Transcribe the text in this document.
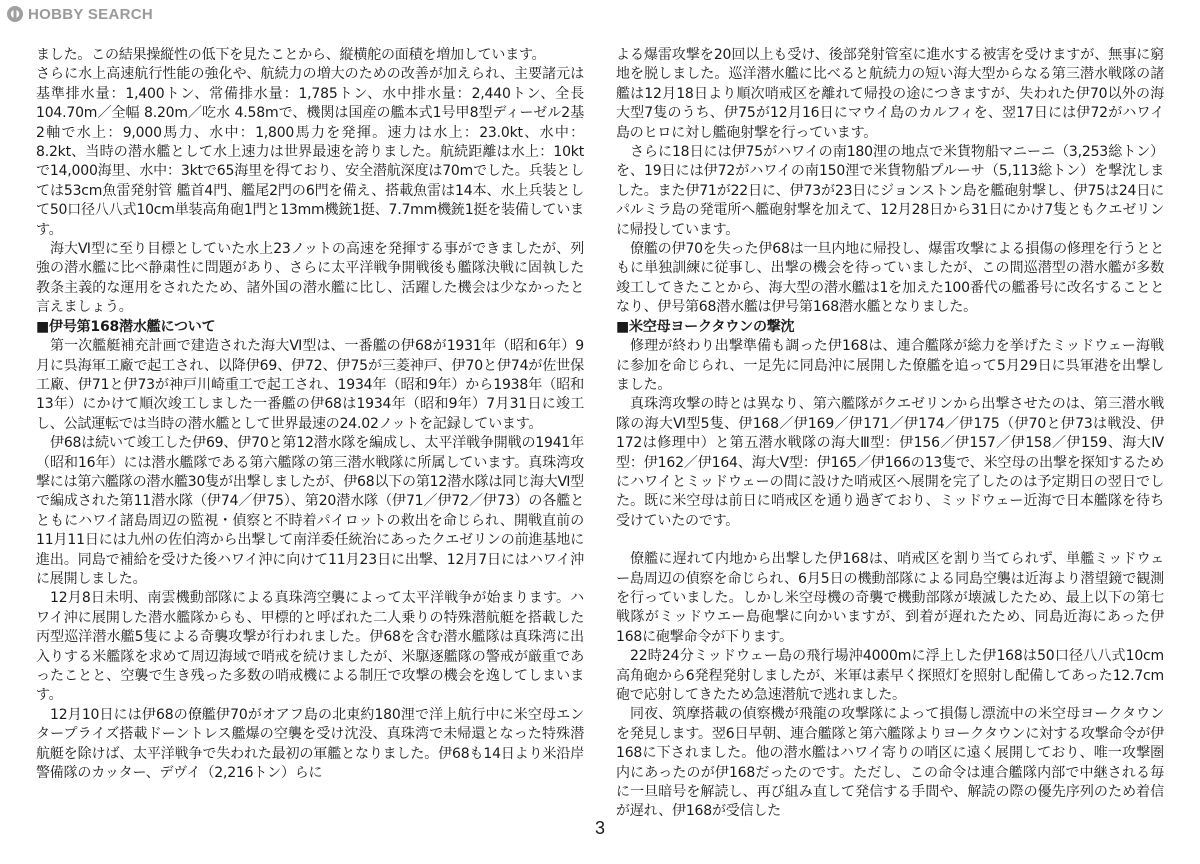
HOBBY SEARCH

ました。この結果操縦性の低下を見たことから、縦横舵の面積を増加しています。

さらに水上高速航行性能の強化や、航続力の増大のための改善が加えられ、主要諸元は基準排水量：1,400トン、常備排水量：1,785トン、水中排水量：2,440トン、全長 104.70m／全幅 8.20m／吃水 4.58mで、機関は国産の艦本式1号甲8型ディーゼル2基2軸で水上：9,000馬力、水中：1,800馬力を発揮。速力は水上：23.0kt、水中：8.2kt、当時の潜水艦として水上速力は世界最速を誇りました。航続距離は水上：10ktで14,000海里、水中：3ktで65海里を得ており、安全潜航深度は70mでした。兵装としては53cm魚雷発射管 艦首4門、艦尾2門の6門を備え、搭載魚雷は14本、水上兵装として50口径八八式10cm単装高角砲1門と13mm機銃1挺、7.7mm機銃1挺を装備しています。

海大Ⅵ型に至り目標としていた水上23ノットの高速を発揮する事ができましたが、列強の潜水艦に比べ静粛性に問題があり、さらに太平洋戦争開戦後も艦隊決戦に固執した教条主義的な運用をされたため、諸外国の潜水艦に比し、活躍した機会は少なかったと言えましょう。

■伊号第168潜水艦について

第一次艦艇補充計画で建造された海大Ⅵ型は、一番艦の伊68が1931年（昭和6年）9月に呉海軍工廠で起工され、以降伊69、伊72、伊75が三菱神戸、伊70と伊74が佐世保工廠、伊71と伊73が神戸川崎重工で起工され、1934年（昭和9年）から1938年（昭和13年）にかけて順次竣工しました一番艦の伊68は1934年（昭和9年）7月31日に竣工し、公試運転では当時の潜水艦として世界最速の24.02ノットを記録しています。

伊68は続いて竣工した伊69、伊70と第12潜水隊を編成し、太平洋戦争開戦の1941年（昭和16年）には潜水艦隊である第六艦隊の第三潜水戦隊に所属しています。真珠湾攻撃には第六艦隊の潜水艦30隻が出撃しましたが、伊68以下の第12潜水隊は同じ海大Ⅵ型で編成された第11潜水隊（伊74／伊75）、第20潜水隊（伊71／伊72／伊73）の各艦とともにハワイ諸島周辺の監視・偵察と不時着パイロットの救出を命じられ、開戦直前の11月11日には九州の佐伯湾から出撃して南洋委任統治にあったクエゼリンの前進基地に進出。同島で補給を受けた後ハワイ沖に向けて11月23日に出撃、12月7日にはハワイ沖に展開しました。

12月8日未明、南雲機動部隊による真珠湾空襲によって太平洋戦争が始まります。ハワイ沖に展開した潜水艦隊からも、甲標的と呼ばれた二人乗りの特殊潜航艇を搭載した丙型巡洋潜水艦5隻による奇襲攻撃が行われました。伊68を含む潜水艦隊は真珠湾に出入りする米艦隊を求めて周辺海域で哨戒を続けましたが、米駆逐艦隊の警戒が厳重であったことと、空襲で生き残った多数の哨戒機による制圧で攻撃の機会を逸してしまいます。

12月10日には伊68の僚艦伊70がオアフ島の北東約180浬で洋上航行中に米空母エンタープライズ搭載ドーントレス艦爆の空襲を受け沈没、真珠湾で未帰還となった特殊潜航艇を除けば、太平洋戦争で失われた最初の軍艦となりました。伊68も14日より米沿岸警備隊のカッター、デヴイ（2,216トン）らに

よる爆雷攻撃を20回以上も受け、後部発射管室に進水する被害を受けますが、無事に窮地を脱しました。巡洋潜水艦に比べると航続力の短い海大型からなる第三潜水戦隊の諸艦は12月18日より順次哨戒区を離れて帰投の途につきますが、失われた伊70以外の海大型7隻のうち、伊75が12月16日にマウイ島のカルフィを、翌17日には伊72がハワイ島のヒロに対し艦砲射撃を行っています。

さらに18日には伊75がハワイの南180浬の地点で米貨物船マニーニ（3,253総トン）を、19日には伊72がハワイの南150浬で米貨物船プルーサ（5,113総トン）を撃沈しました。また伊71が22日に、伊73が23日にジョンストン島を艦砲射撃し、伊75は24日にパルミラ島の発電所へ艦砲射撃を加えて、12月28日から31日にかけ7隻ともクエゼリンに帰投しています。

僚艦の伊70を失った伊68は一旦内地に帰投し、爆雷攻撃による損傷の修理を行うとともに単独訓練に従事し、出撃の機会を待っていましたが、この間巡潜型の潜水艦が多数竣工してきたことから、海大型の潜水艦は1を加えた100番代の艦番号に改名することとなり、伊号第68潜水艦は伊号第168潜水艦となりました。

■米空母ヨークタウンの撃沈

修理が終わり出撃準備も調った伊168は、連合艦隊が総力を挙げたミッドウェー海戦に参加を命じられ、一足先に同島沖に展開した僚艦を追って5月29日に呉軍港を出撃しました。

真珠湾攻撃の時とは異なり、第六艦隊がクエゼリンから出撃させたのは、第三潜水戦隊の海大Ⅵ型5隻、伊168／伊169／伊171／伊174／伊175（伊70と伊73は戦没、伊172は修理中）と第五潜水戦隊の海大Ⅲ型：伊156／伊157／伊158／伊159、海大Ⅳ型：伊162／伊164、海大Ⅴ型：伊165／伊166の13隻で、米空母の出撃を探知するためにハワイとミッドウェーの間に設けた哨戒区へ展開を完了したのは予定期日の翌日でした。既に米空母は前日に哨戒区を通り過ぎており、ミッドウェー近海で日本艦隊を待ち受けていたのです。

僚艦に遅れて内地から出撃した伊168は、哨戒区を割り当てられず、単艦ミッドウェー島周辺の偵察を命じられ、6月5日の機動部隊による同島空襲は近海より潜望鏡で観測を行っていました。しかし米空母機の奇襲で機動部隊が壊滅したため、最上以下の第七戦隊がミッドウエー島砲撃に向かいますが、到着が遅れたため、同島近海にあった伊168に砲撃命令が下ります。

22時24分ミッドウェー島の飛行場沖4000mに浮上した伊168は50口径八八式10cm高角砲から6発程発射しましたが、米軍は素早く探照灯を照射し配備してあった12.7cm砲で応射してきたため急速潜航で逃れました。

同夜、筑摩搭載の偵察機が飛龍の攻撃隊によって損傷し漂流中の米空母ヨークタウンを発見します。翌6日早朝、連合艦隊と第六艦隊よりヨークタウンに対する攻撃命令が伊168に下されました。他の潜水艦はハワイ寄りの哨区に遠く展開しており、唯一攻撃圏内にあったのが伊168だったのです。ただし、この命令は連合艦隊内部で中継される毎に一旦暗号を解読し、再び組み直して発信する手間や、解読の際の優先序列のため着信が遅れ、伊168が受信した

3
